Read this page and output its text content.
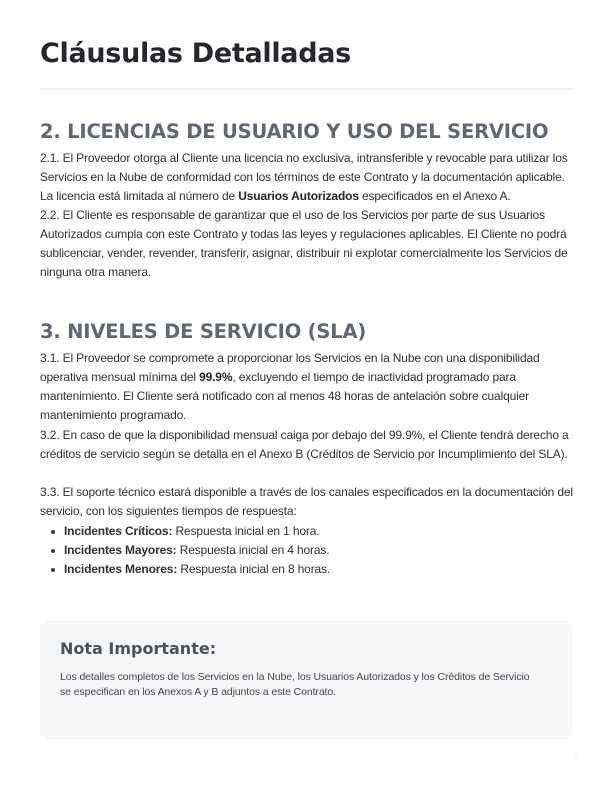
Cláusulas Detalladas
2. LICENCIAS DE USUARIO Y USO DEL SERVICIO

2.1. El Proveedor otorga al Cliente una licencia no exclusiva, intransferible y revocable para utilizar los Servicios en la Nube de conformidad con los términos de este Contrato y la documentación aplicable. La licencia está limitada al número de Usuarios Autorizados especificados en el Anexo A.

2.2. El Cliente es responsable de garantizar que el uso de los Servicios por parte de sus Usuarios Autorizados cumpla con este Contrato y todas las leyes y regulaciones aplicables. El Cliente no podrá sublicenciar, vender, revender, transferir, asignar, distribuir ni explotar comercialmente los Servicios de ninguna otra manera.

3. NIVELES DE SERVICIO (SLA)

3.1. El Proveedor se compromete a proporcionar los Servicios en la Nube con una disponibilidad operativa mensual mínima del 99.9%, excluyendo el tiempo de inactividad programado para mantenimiento. El Cliente será notificado con al menos 48 horas de antelación sobre cualquier mantenimiento programado.

3.2. En caso de que la disponibilidad mensual caiga por debajo del 99.9%, el Cliente tendrá derecho a créditos de servicio según se detalla en el Anexo B (Créditos de Servicio por Incumplimiento del SLA).

3.3. El soporte técnico estará disponible a través de los canales especificados en la documentación del servicio, con los siguientes tiempos de respuesta:

Incidentes Críticos: Respuesta inicial en 1 hora.
Incidentes Mayores: Respuesta inicial en 4 horas.
Incidentes Menores: Respuesta inicial en 8 horas.
Nota Importante:

Los detalles completos de los Servicios en la Nube, los Usuarios Autorizados y los Créditos de Servicio se especifican en los Anexos A y B adjuntos a este Contrato.

3
